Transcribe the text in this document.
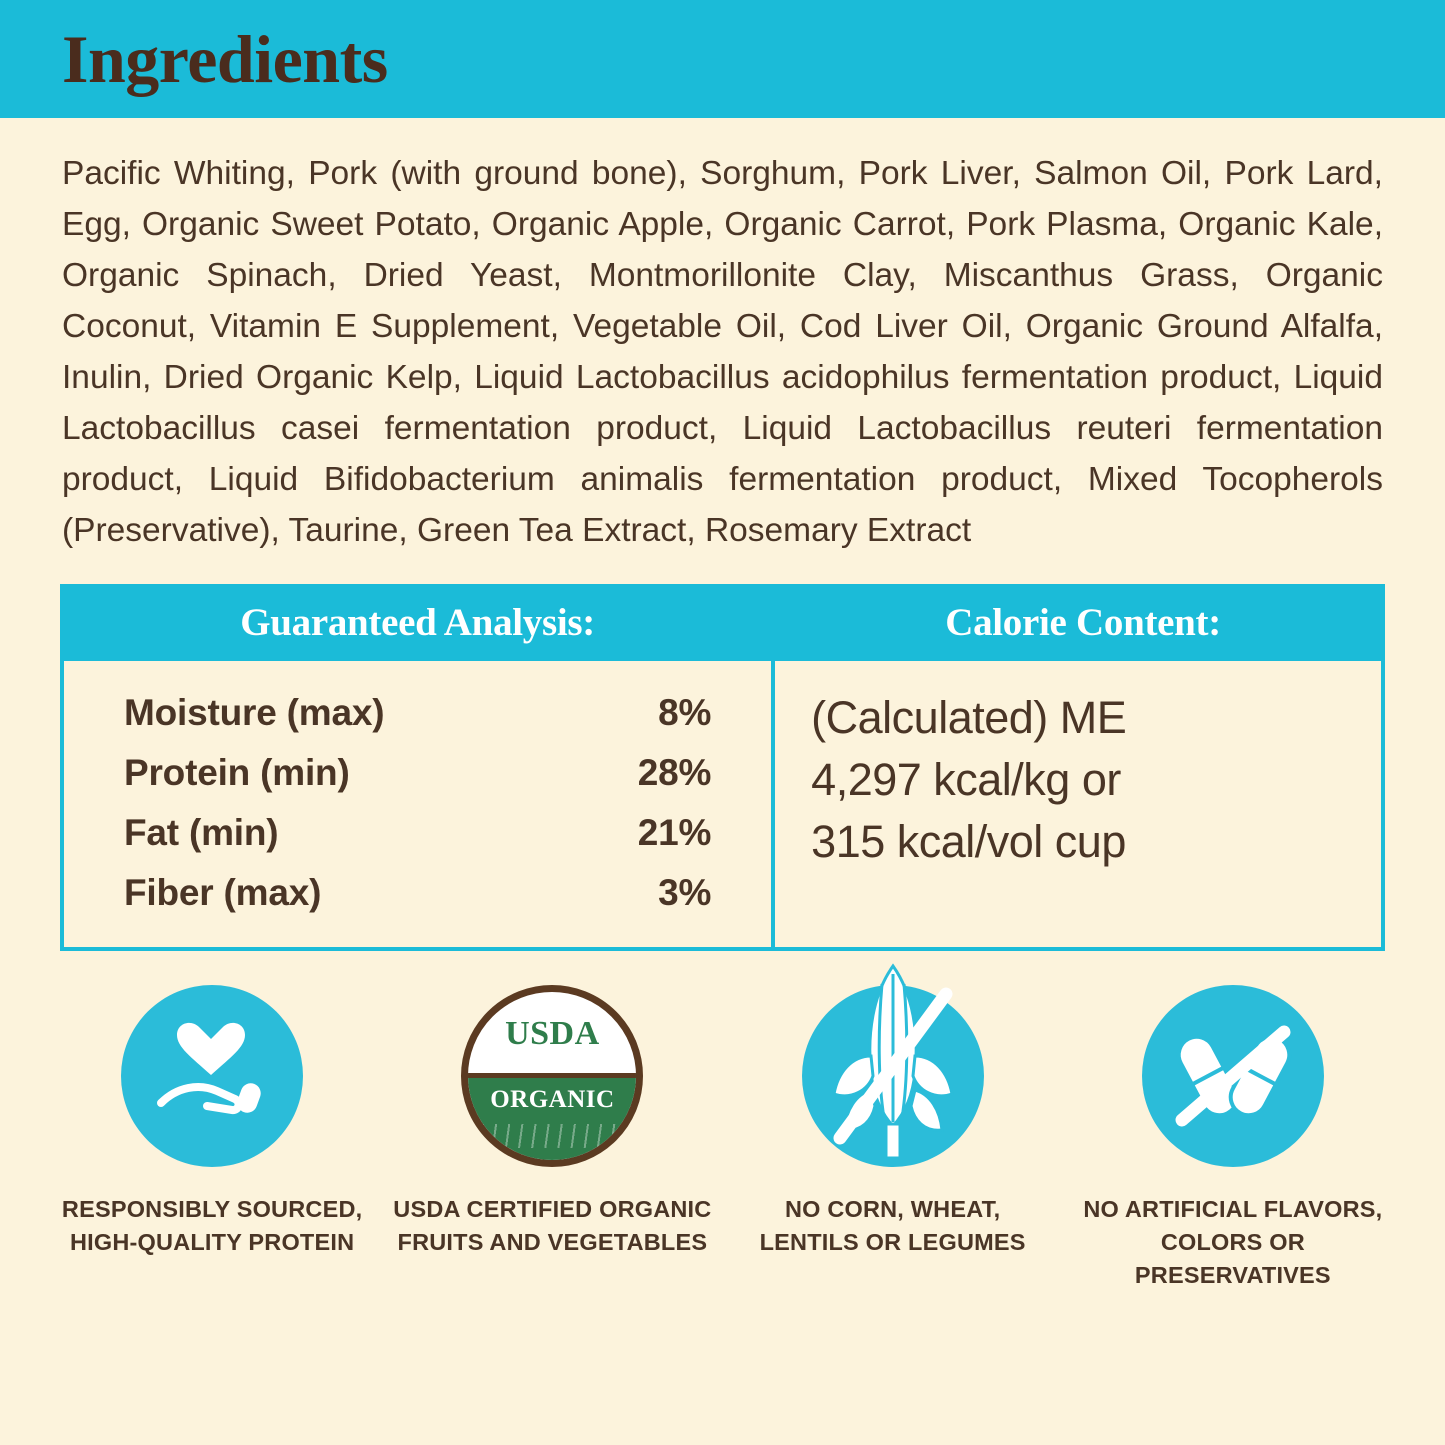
Ingredients
Pacific Whiting, Pork (with ground bone), Sorghum, Pork Liver, Salmon Oil, Pork Lard, Egg, Organic Sweet Potato, Organic Apple, Organic Carrot, Pork Plasma, Organic Kale, Organic Spinach, Dried Yeast, Montmorillonite Clay, Miscanthus Grass, Organic Coconut, Vitamin E Supplement, Vegetable Oil, Cod Liver Oil, Organic Ground Alfalfa, Inulin, Dried Organic Kelp, Liquid Lactobacillus acidophilus fermentation product, Liquid Lactobacillus casei fermentation product, Liquid Lactobacillus reuteri fermentation product, Liquid Bifidobacterium animalis fermentation product, Mixed Tocopherols (Preservative), Taurine, Green Tea Extract, Rosemary Extract
Guaranteed Analysis:
Moisture (max)	8%
Protein (min)	28%
Fat (min)	21%
Fiber (max)	3%
Calorie Content:
(Calculated) ME
4,297 kcal/kg or
315 kcal/vol cup
RESPONSIBLY SOURCED,
HIGH-QUALITY PROTEIN
USDA
ORGANIC
USDA CERTIFIED ORGANIC
FRUITS AND VEGETABLES
NO CORN, WHEAT,
LENTILS OR LEGUMES
NO ARTIFICIAL FLAVORS,
COLORS OR PRESERVATIVES
